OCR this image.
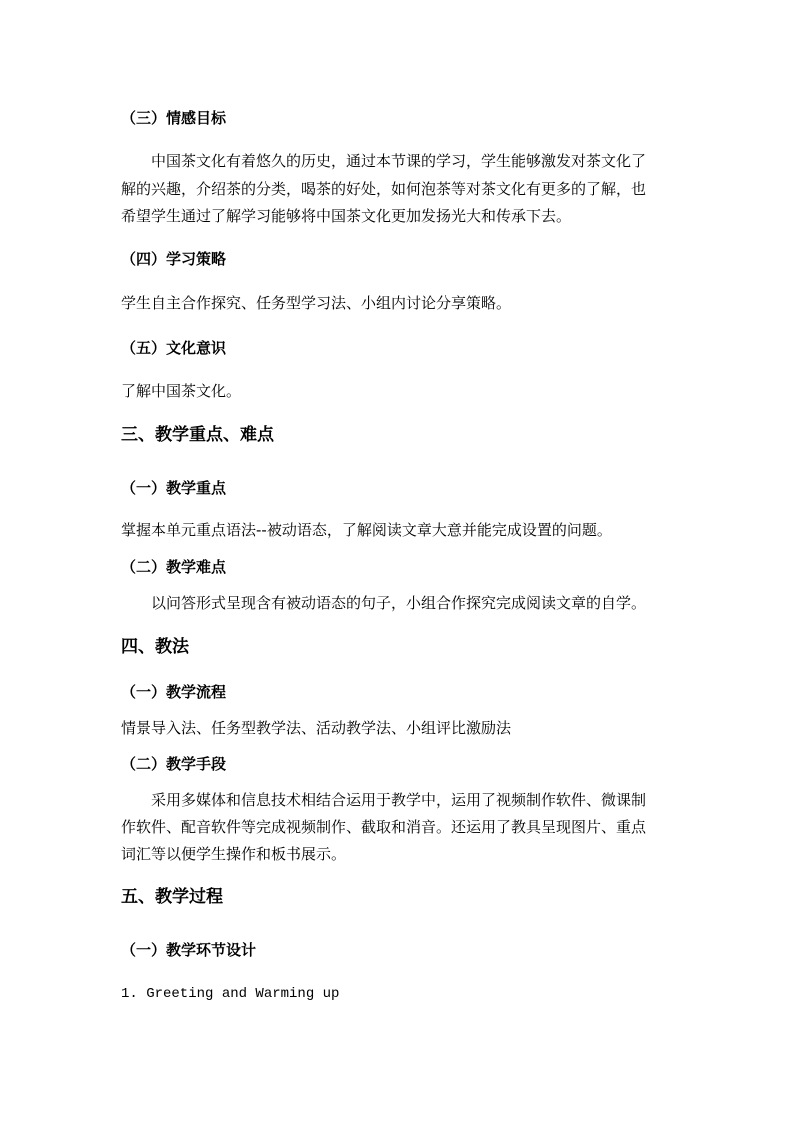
（三）情感目标
中国茶文化有着悠久的历史，通过本节课的学习，学生能够激发对茶文化了
解的兴趣，介绍茶的分类，喝茶的好处，如何泡茶等对茶文化有更多的了解，也
希望学生通过了解学习能够将中国茶文化更加发扬光大和传承下去。
（四）学习策略
学生自主合作探究、任务型学习法、小组内讨论分享策略。
（五）文化意识
了解中国茶文化。
三、教学重点、难点
（一）教学重点
掌握本单元重点语法--被动语态，了解阅读文章大意并能完成设置的问题。
（二）教学难点
以问答形式呈现含有被动语态的句子，小组合作探究完成阅读文章的自学。
四、教法
（一）教学流程
情景导入法、任务型教学法、活动教学法、小组评比激励法
（二）教学手段
采用多媒体和信息技术相结合运用于教学中，运用了视频制作软件、微课制
作软件、配音软件等完成视频制作、截取和消音。还运用了教具呈现图片、重点
词汇等以便学生操作和板书展示。
五、教学过程
（一）教学环节设计
1. Greeting and Warming up
